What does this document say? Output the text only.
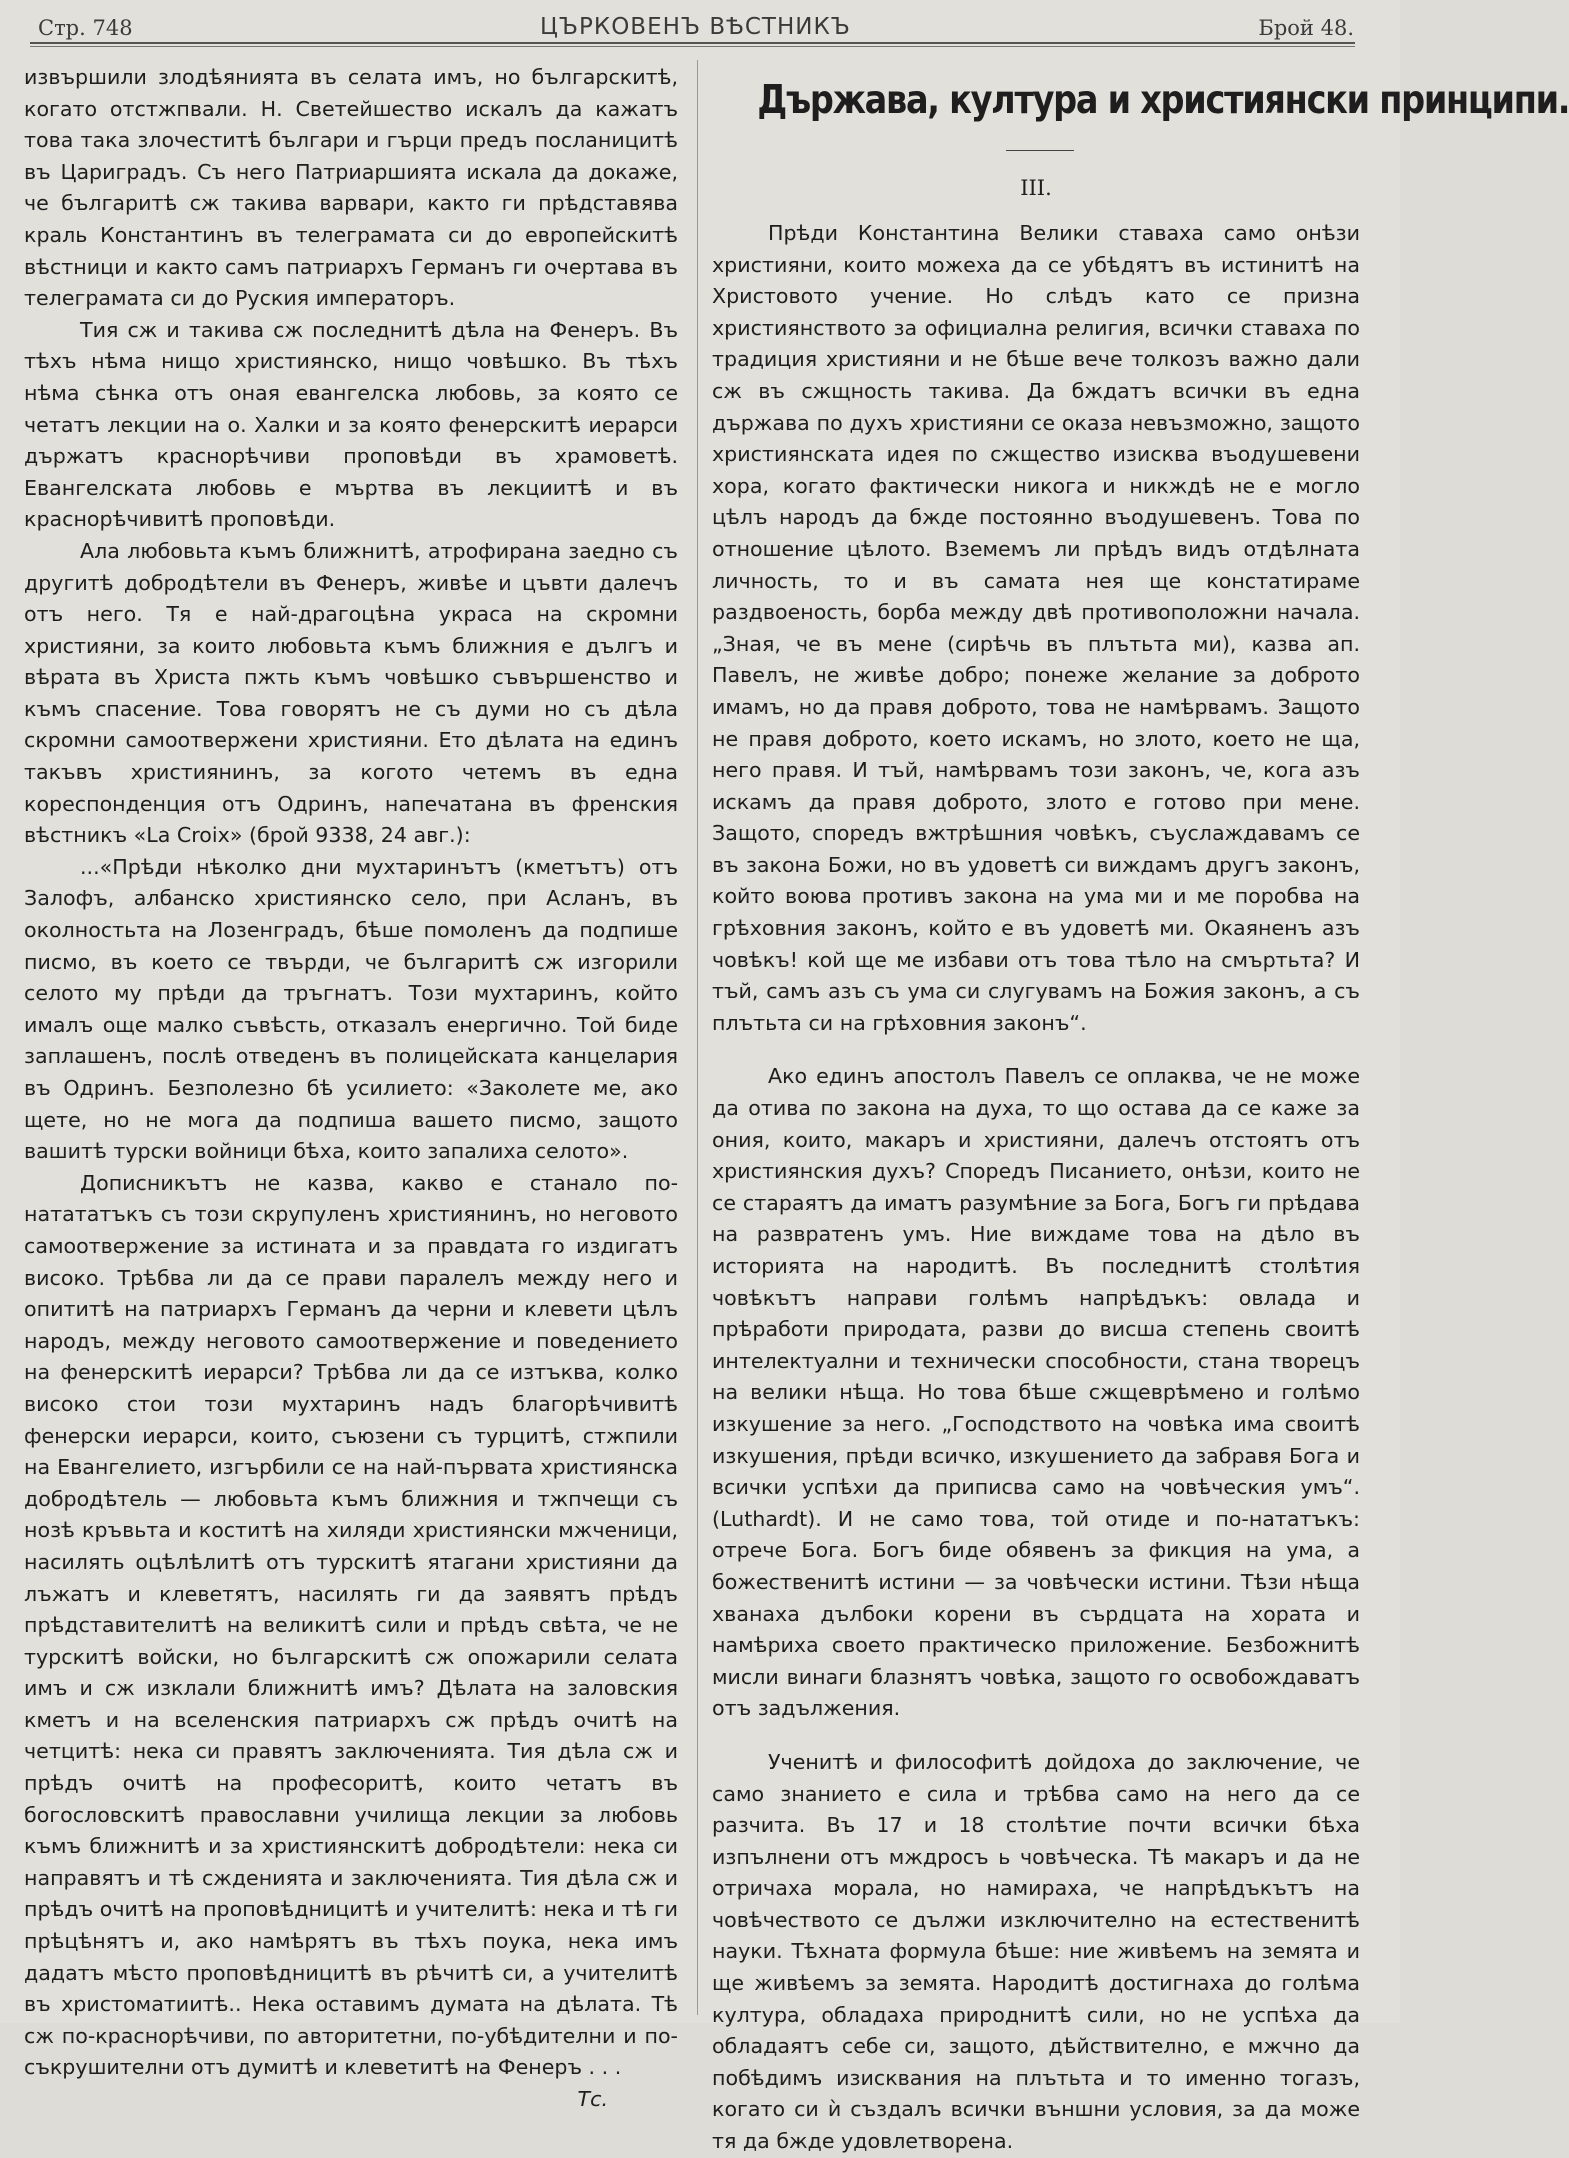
Стр. 748	ЦЪРКОВЕНЪ ВѢСТНИКЪ	Брой 48.

извършили злодѣянията въ селата имъ, но българскитѣ, когато отстжпвали. Н. Светейшество искалъ да кажатъ това така злочеститѣ българи и гърци предъ посланицитѣ въ Цариградъ. Съ него Патриаршията искала да докаже, че българитѣ сж такива варвари, както ги прѣдставява краль Константинъ въ телеграмата си до европейскитѣ вѣстници и както самъ патриархъ Германъ ги очертава въ телеграмата си до Руския императоръ.

Тия сж и такива сж последнитѣ дѣла на Фенеръ. Въ тѣхъ нѣма нищо християнско, нищо човѣшко. Въ тѣхъ нѣма сѣнка отъ оная евангелска любовь, за която се четатъ лекции на о. Халки и за която фенерскитѣ иерарси държатъ краснорѣчиви проповѣди въ храмоветѣ. Евангелската любовь е мъртва въ лекциитѣ и въ краснорѣчивитѣ проповѣди.

Ала любовьта къмъ ближнитѣ, атрофирана заедно съ другитѣ добродѣтели въ Фенеръ, живѣе и цъвти далечъ отъ него. Тя е най-драгоцѣна украса на скромни християни, за които любовьта къмъ ближния е дългъ и вѣрата въ Христа пжть къмъ човѣшко съвършенство и къмъ спасение. Това говорятъ не съ думи но съ дѣла скромни самоотвержени християни. Ето дѣлата на единъ такъвъ християнинъ, за когото четемъ въ една кореспонденция отъ Одринъ, напечатана въ френския вѣстникъ «La Croix» (брой 9338, 24 авг.):

...«Прѣди нѣколко дни мухтаринътъ (кметътъ) отъ Залофъ, албанско християнско село, при Асланъ, въ околностьта на Лозенградъ, бѣше помоленъ да подпише писмо, въ което се твърди, че българитѣ сж изгорили селото му прѣди да тръгнатъ. Този мухтаринъ, който ималъ още малко съвѣсть, отказалъ енергично. Той биде заплашенъ, послѣ отведенъ въ полицейската канцелария въ Одринъ. Безполезно бѣ усилието: «Заколете ме, ако щете, но не мога да подпиша вашето писмо, защото вашитѣ турски войници бѣха, които запалиха селото».

Дописникътъ не казва, какво е станало по-натататъкъ съ този скрупуленъ християнинъ, но неговото самоотвержение за истината и за правдата го издигатъ високо. Трѣбва ли да се прави паралелъ между него и опититѣ на патриархъ Германъ да черни и клевети цѣлъ народъ, между неговото самоотвержение и поведението на фенерскитѣ иерарси? Трѣбва ли да се изтъква, колко високо стои този мухтаринъ надъ благорѣчивитѣ фенерски иерарси, които, съюзени съ турцитѣ, стжпили на Евангелието, изгърбили се на най-първата християнска добродѣтель — любовьта къмъ ближния и тжпчещи съ нозѣ кръвьта и коститѣ на хиляди християнски мжченици, насилять оцѣлѣлитѣ отъ турскитѣ ятагани християни да лъжатъ и клеветятъ, насилять ги да заявятъ прѣдъ прѣдставителитѣ на великитѣ сили и прѣдъ свѣта, че не турскитѣ войски, но българскитѣ сж опожарили селата имъ и сж изклали ближнитѣ имъ? Дѣлата на заловския кметъ и на вселенския патриархъ сж прѣдъ очитѣ на четцитѣ: нека си правятъ заключенията. Тия дѣла сж и прѣдъ очитѣ на професоритѣ, които четатъ въ богословскитѣ православни училища лекции за любовь къмъ ближнитѣ и за християнскитѣ добродѣтели: нека си направятъ и тѣ сжденията и заключенията. Тия дѣла сж и прѣдъ очитѣ на проповѣдницитѣ и учителитѣ: нека и тѣ ги прѣцѣнятъ и, ако намѣрятъ въ тѣхъ поука, нека имъ дадатъ мѣсто проповѣдницитѣ въ рѣчитѣ си, а учителитѣ въ христоматиитѣ.. Нека оставимъ думата на дѣлата. Тѣ сж по-краснорѣчиви, по авторитетни, по-убѣдителни и по-съкрушителни отъ думитѣ и клеветитѣ на Фенеръ . . .

Тс.
Държава, култура и християнски принципи.
III.

Прѣди Константина Велики ставаха само онѣзи християни, които можеха да се убѣдятъ въ истинитѣ на Христовото учение. Но слѣдъ като се призна християнството за официална религия, всички ставаха по традиция християни и не бѣше вече толкозъ важно дали сж въ сжщность такива. Да бждатъ всички въ една държава по духъ християни се оказа невъзможно, защото християнската идея по сжщество изисква въодушевени хора, когато фактически никога и никждѣ не е могло цѣлъ народъ да бжде постоянно въодушевенъ. Това по отношение цѣлото. Вземемъ ли прѣдъ видъ отдѣлната личность, то и въ самата нея ще констатираме раздвоеность, борба между двѣ противоположни начала. „Зная, че въ мене (сирѣчь въ плътьта ми), казва ап. Павелъ, не живѣе добро; понеже желание за доброто имамъ, но да правя доброто, това не намѣрвамъ. Защото не правя доброто, което искамъ, но злото, което не ща, него правя. И тъй, намѣрвамъ този законъ, че, кога азъ искамъ да правя доброто, злото е готово при мене. Защото, споредъ вжтрѣшния човѣкъ, съуслаждавамъ се въ закона Божи, но въ удоветѣ си виждамъ другъ законъ, който воюва противъ закона на ума ми и ме поробва на грѣховния законъ, който е въ удоветѣ ми. Окаяненъ азъ човѣкъ! кой ще ме избави отъ това тѣло на смъртьта? И тъй, самъ азъ съ ума си слугувамъ на Божия законъ, а съ плътьта си на грѣховния законъ“.

Ако единъ апостолъ Павелъ се оплаква, че не може да отива по закона на духа, то що остава да се каже за ония, които, макаръ и християни, далечъ отстоятъ отъ християнския духъ? Споредъ Писанието, онѣзи, които не се стараятъ да иматъ разумѣние за Бога, Богъ ги прѣдава на развратенъ умъ. Ние виждаме това на дѣло въ историята на народитѣ. Въ последнитѣ столѣтия човѣкътъ направи голѣмъ напрѣдъкъ: овлада и прѣработи природата, разви до висша степень своитѣ интелектуални и технически способности, стана творецъ на велики нѣща. Но това бѣше сжщеврѣмено и голѣмо изкушение за него. „Господството на човѣка има своитѣ изкушения, прѣди всичко, изкушението да забравя Бога и всички успѣхи да приписва само на човѣческия умъ“. (Luthardt). И не само това, той отиде и по-нататъкъ: отрече Бога. Богъ биде обявенъ за фикция на ума, а божественитѣ истини — за човѣчески истини. Тѣзи нѣща хванаха дълбоки корени въ сърдцата на хората и намѣриха своето практическо приложение. Безбожнитѣ мисли винаги блазнятъ човѣка, защото го освобождаватъ отъ задължения.

Ученитѣ и философитѣ дойдоха до заключение, че само знанието е сила и трѣбва само на него да се разчита. Въ 17 и 18 столѣтие почти всички бѣха изпълнени отъ мждросъ ь човѣческа. Тѣ макаръ и да не отричаха морала, но намираха, че напрѣдъкътъ на човѣчеството се дължи изключително на естественитѣ науки. Тѣхната формула бѣше: ние живѣемъ на земята и ще живѣемъ за земята. Народитѣ достигнаха до голѣма култура, обладаха природнитѣ сили, но не успѣха да обладаятъ себе си, защото, дѣйствително, е мжчно да побѣдимъ изисквания на плътьта и то именно тогазъ, когато си ѝ създалъ всички външни условия, за да може тя да бжде удовлетворена.
